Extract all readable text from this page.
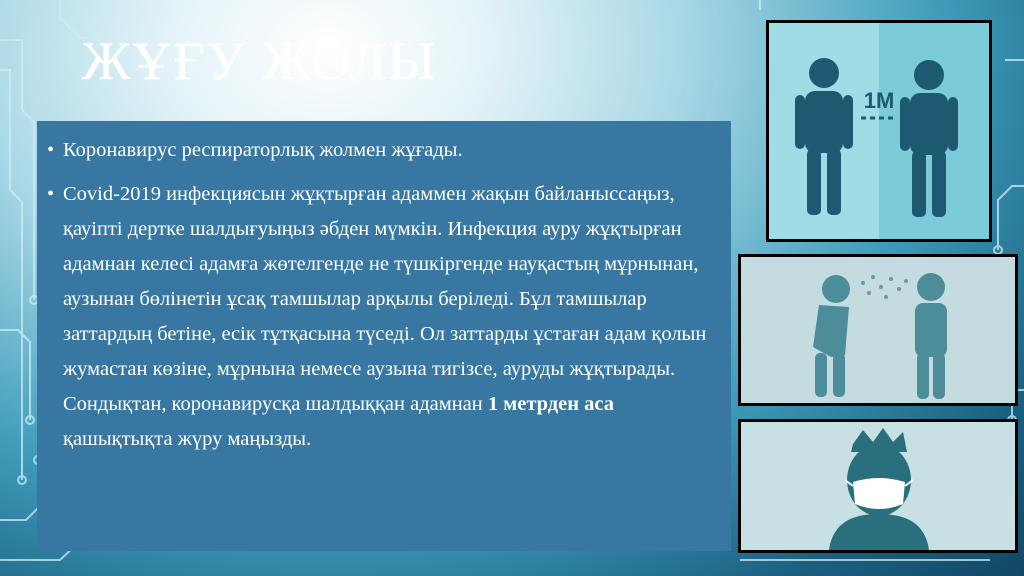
ЖҰҒУ ЖОЛЫ
• Коронавирус респираторлық жолмен жұғады.
• Covid-2019 инфекциясын жұқтырған адаммен жақын байланыссаңыз, қауіпті дертке шалдығуыңыз әбден мүмкін. Инфекция ауру жұқтырған адамнан келесі адамға жөтелгенде не түшкіргенде науқастың мұрнынан, аузынан бөлінетін ұсақ тамшылар арқылы беріледі. Бұл тамшылар заттардың бетіне, есік тұтқасына түседі. Ол заттарды ұстаған адам қолын жумастан көзіне, мұрнына немесе аузына тигізсе, ауруды жұқтырады. Сондықтан, коронавирусқа шалдыққан адамнан 1 метрден аса қашықтықта жүру маңызды.
1M
